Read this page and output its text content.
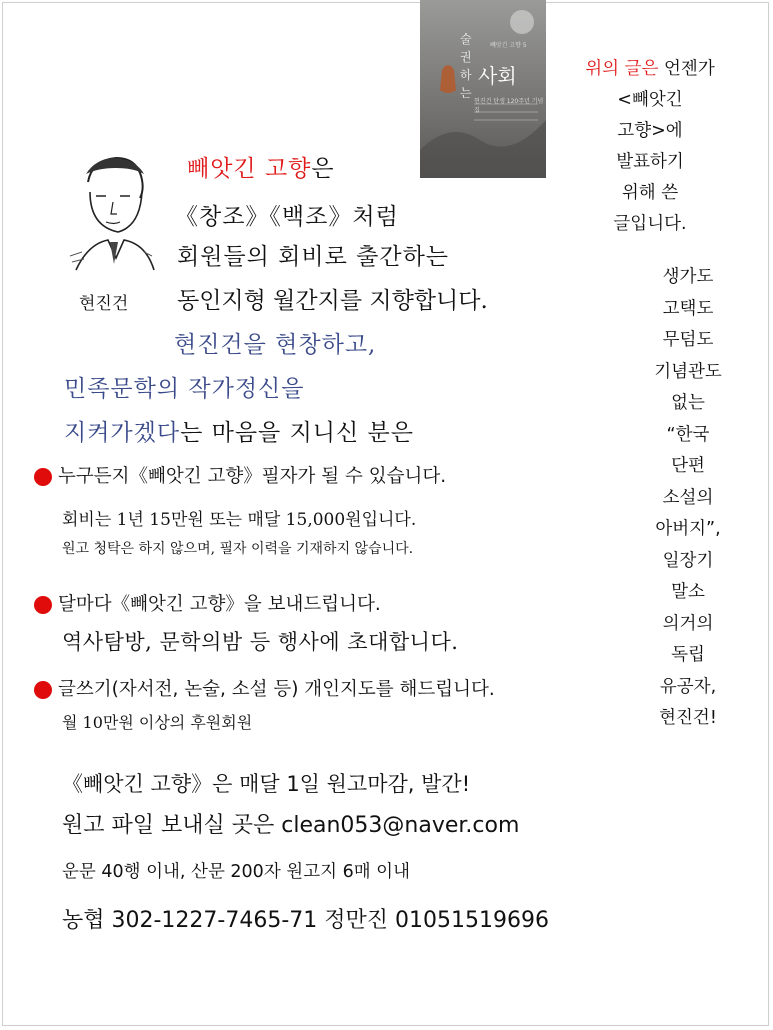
술권하는
사회
빼앗긴 고향 5
현진건 탄생 120주년 기념집
현진건
빼앗긴 고향은
《창조》《백조》처럼
회원들의 회비로 출간하는
동인지형 월간지를 지향합니다.
현진건을 현창하고,
민족문학의 작가정신을
지켜가겠다는 마음을 지니신 분은
누구든지《빼앗긴 고향》필자가 될 수 있습니다.
회비는 1년 15만원 또는 매달 15,000원입니다.
원고 청탁은 하지 않으며, 필자 이력을 기재하지 않습니다.
달마다《빼앗긴 고향》을 보내드립니다.
역사탐방, 문학의밤 등 행사에 초대합니다.
글쓰기(자서전, 논술, 소설 등) 개인지도를 해드립니다.
월 10만원 이상의 후원회원
《빼앗긴 고향》은 매달 1일 원고마감, 발간!
원고 파일 보내실 곳은 clean053@naver.com
운문 40행 이내, 산문 200자 원고지 6매 이내
농협 302-1227-7465-71 정만진 01051519696
위의 글은 언젠가
<빼앗긴
고향>에
발표하기
위해 쓴
글입니다.
생가도
고택도
무덤도
기념관도
없는
“한국
단편
소설의
아버지”,
일장기
말소
의거의
독립
유공자,
현진건!
